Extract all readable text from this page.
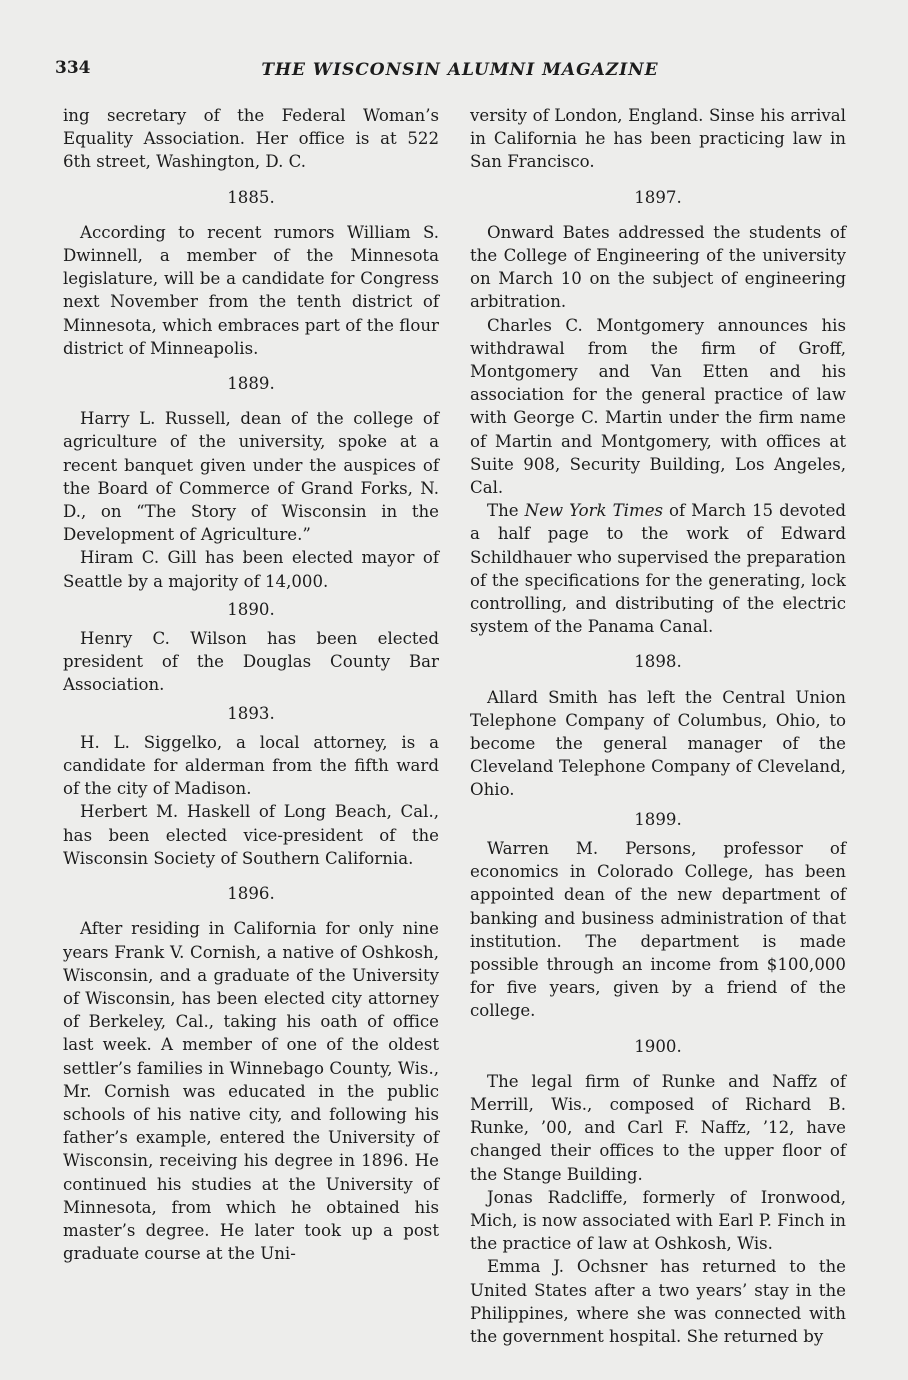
334	THE WISCONSIN ALUMNI MAGAZINE

ing secretary of the Federal Woman’s Equality Association. Her office is at 522 6th street, Washington, D. C.

1885.

According to recent rumors William S. Dwinnell, a member of the Minnesota legislature, will be a candidate for Congress next November from the tenth district of Minnesota, which embraces part of the flour district of Minneapolis.

1889.

Harry L. Russell, dean of the college of agriculture of the university, spoke at a recent banquet given under the auspices of the Board of Commerce of Grand Forks, N. D., on “The Story of Wisconsin in the Development of Agriculture.”

Hiram C. Gill has been elected mayor of Seattle by a majority of 14,000.

1890.

Henry C. Wilson has been elected president of the Douglas County Bar Association.

1893.

H. L. Siggelko, a local attorney, is a candidate for alderman from the fifth ward of the city of Madison.

Herbert M. Haskell of Long Beach, Cal., has been elected vice-president of the Wisconsin Society of Southern California.

1896.

After residing in California for only nine years Frank V. Cornish, a native of Oshkosh, Wisconsin, and a graduate of the University of Wisconsin, has been elected city attorney of Berkeley, Cal., taking his oath of office last week. A member of one of the oldest settler’s families in Winnebago County, Wis., Mr. Cornish was educated in the public schools of his native city, and following his father’s example, entered the University of Wisconsin, receiving his degree in 1896. He continued his studies at the University of Minnesota, from which he obtained his master’s degree. He later took up a post graduate course at the Uni-

versity of London, England. Sinse his arrival in California he has been practicing law in San Francisco.

1897.

Onward Bates addressed the students of the College of Engineering of the university on March 10 on the subject of engineering arbitration.

Charles C. Montgomery announces his withdrawal from the firm of Groff, Montgomery and Van Etten and his association for the general practice of law with George C. Martin under the firm name of Martin and Montgomery, with offices at Suite 908, Security Building, Los Angeles, Cal.

The New York Times of March 15 devoted a half page to the work of Edward Schildhauer who supervised the preparation of the specifications for the generating, lock controlling, and distributing of the electric system of the Panama Canal.

1898.

Allard Smith has left the Central Union Telephone Company of Columbus, Ohio, to become the general manager of the Cleveland Telephone Company of Cleveland, Ohio.

1899.

Warren M. Persons, professor of economics in Colorado College, has been appointed dean of the new department of banking and business administration of that institution. The department is made possible through an income from $100,000 for five years, given by a friend of the college.

1900.

The legal firm of Runke and Naffz of Merrill, Wis., composed of Richard B. Runke, ’00, and Carl F. Naffz, ’12, have changed their offices to the upper floor of the Stange Building.

Jonas Radcliffe, formerly of Ironwood, Mich, is now associated with Earl P. Finch in the practice of law at Oshkosh, Wis.

Emma J. Ochsner has returned to the United States after a two years’ stay in the Philippines, where she was connected with the government hospital. She returned by
